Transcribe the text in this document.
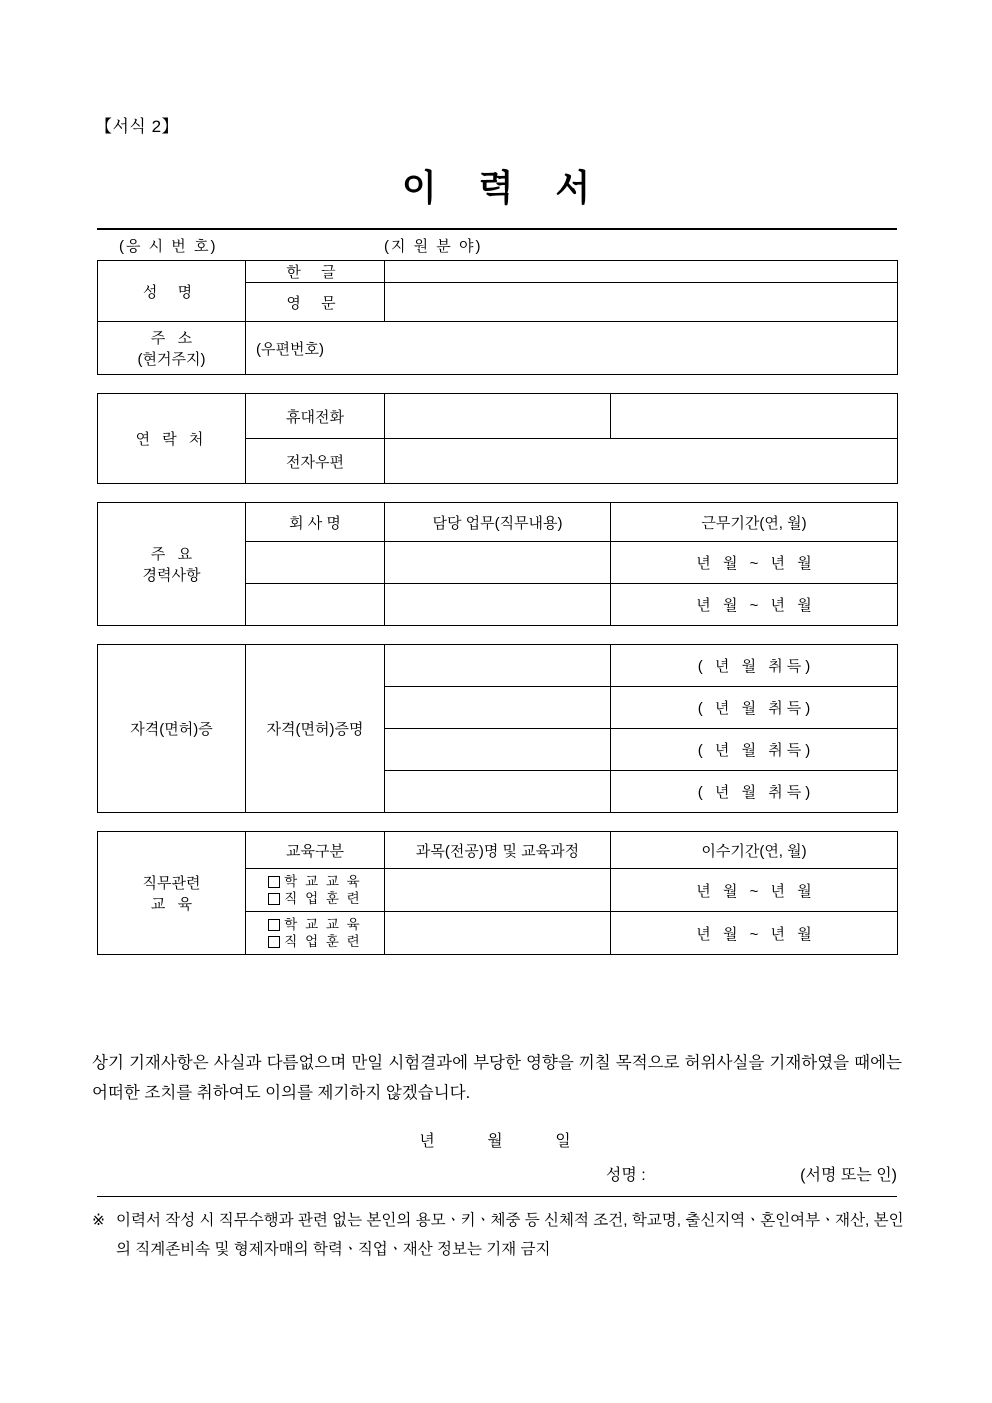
【서식 2】
이 력 서
(응 시 번 호)	(지 원 분 야)
성 명	한 글	
	영 문	

주 소
(현거주지)	(우편번호)	
연 락 처	휴대전화		
	전자우편		
주 요
경력사항	회 사 명	담당 업무(직무내용)	근무기간(연, 월)
			년 월 ~ 년 월
			년 월 ~ 년 월
자격(면허)증	자격(면허)증명		( 년 월 취득)
			( 년 월 취득)
			( 년 월 취득)
			( 년 월 취득)
직무관련
교 육	교육구분	과목(전공)명 및 교육과정	이수기간(연, 월)

	학 교 교 육
직 업 훈 련		년 월 ~ 년 월

	학 교 교 육
직 업 훈 련		년 월 ~ 년 월
상기 기재사항은 사실과 다름없으며 만일 시험결과에 부당한 영향을 끼칠 목적으로 허위사실을 기재하였을 때에는 어떠한 조치를 취하여도 이의를 제기하지 않겠습니다.
년	월	일
성명 :	(서명 또는 인)
※ 이력서 작성 시 직무수행과 관련 없는 본인의 용모ㆍ키ㆍ체중 등 신체적 조건, 학교명, 출신지역ㆍ혼인여부ㆍ재산, 본인의 직계존비속 및 형제자매의 학력ㆍ직업ㆍ재산 정보는 기재 금지
